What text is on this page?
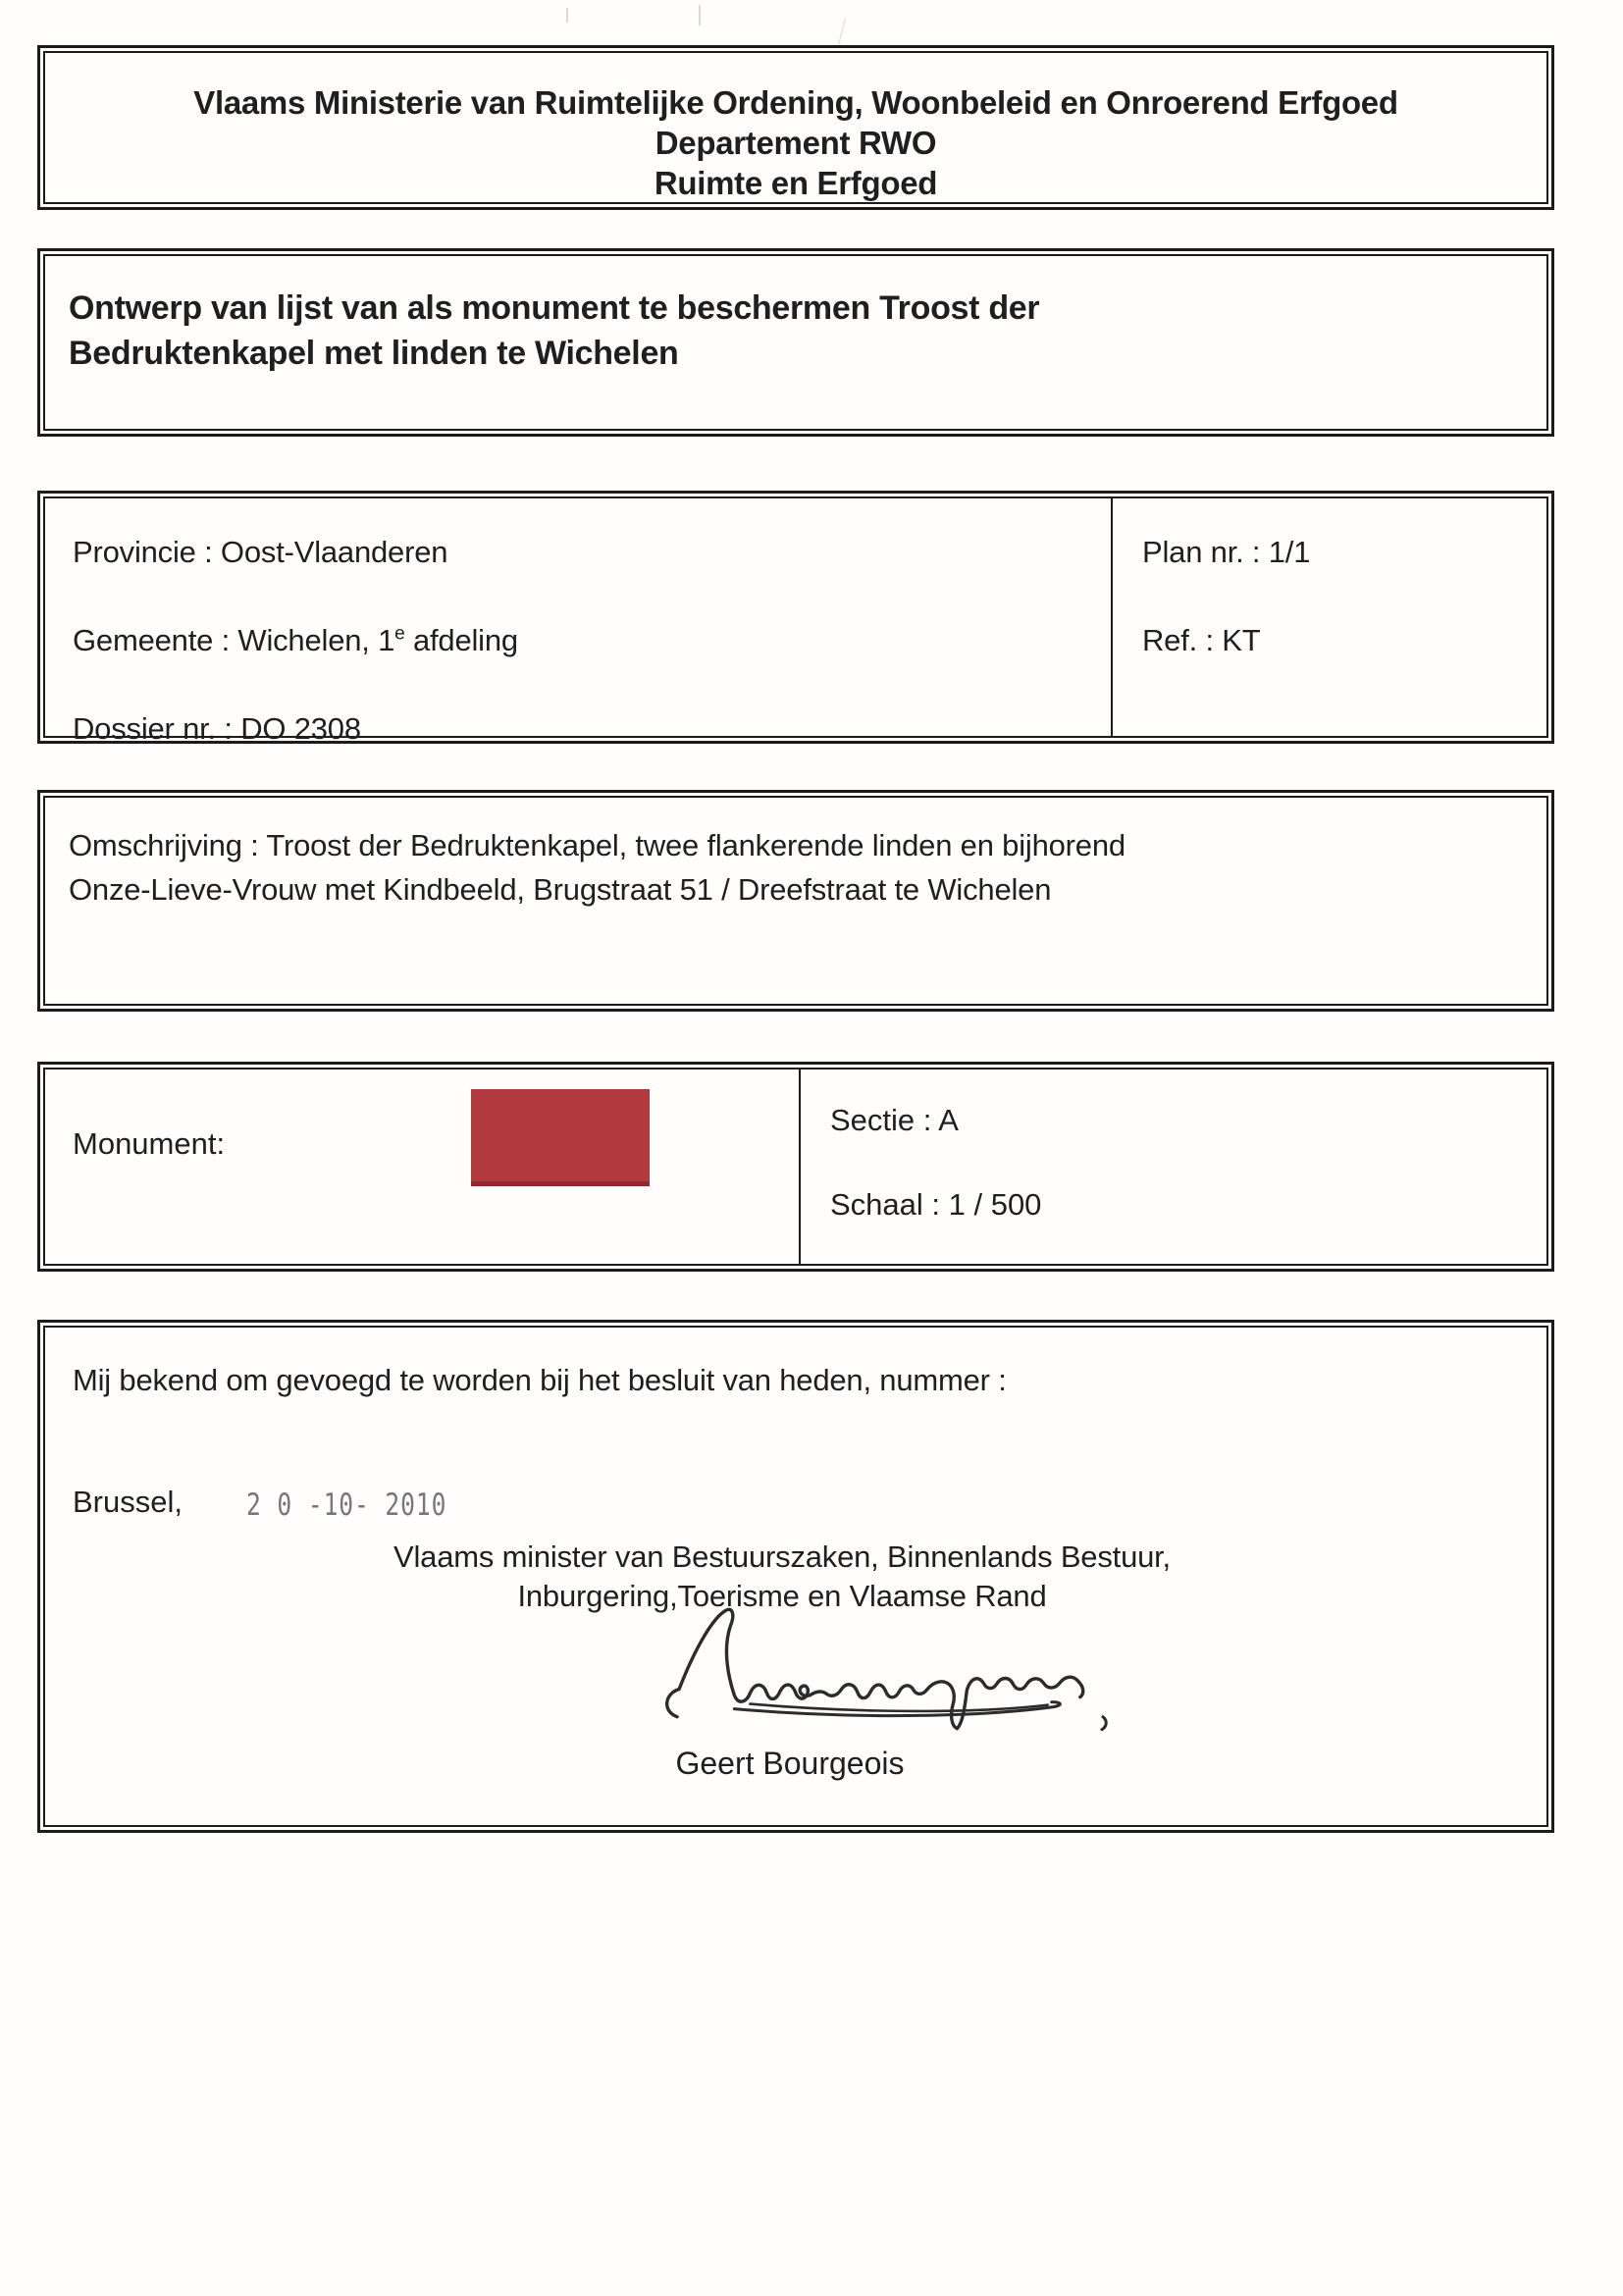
Vlaams Ministerie van Ruimtelijke Ordening, Woonbeleid en Onroerend Erfgoed
Departement RWO
Ruimte en Erfgoed
Ontwerp van lijst van als monument te beschermen Troost der
Bedruktenkapel met linden te Wichelen
Provincie : Oost-Vlaanderen
Gemeente : Wichelen, 1e afdeling
Dossier nr. : DO 2308
Plan nr. : 1/1
Ref. : KT
Omschrijving : Troost der Bedruktenkapel, twee flankerende linden en bijhorend
Onze-Lieve-Vrouw met Kindbeeld, Brugstraat 51 / Dreefstraat te Wichelen
Monument:
Sectie : A
Schaal : 1 / 500
Mij bekend om gevoegd te worden bij het besluit van heden, nummer :
Brussel, 2 0 -10- 2010
Vlaams minister van Bestuurszaken, Binnenlands Bestuur,
Inburgering,Toerisme en Vlaamse Rand
Geert Bourgeois
